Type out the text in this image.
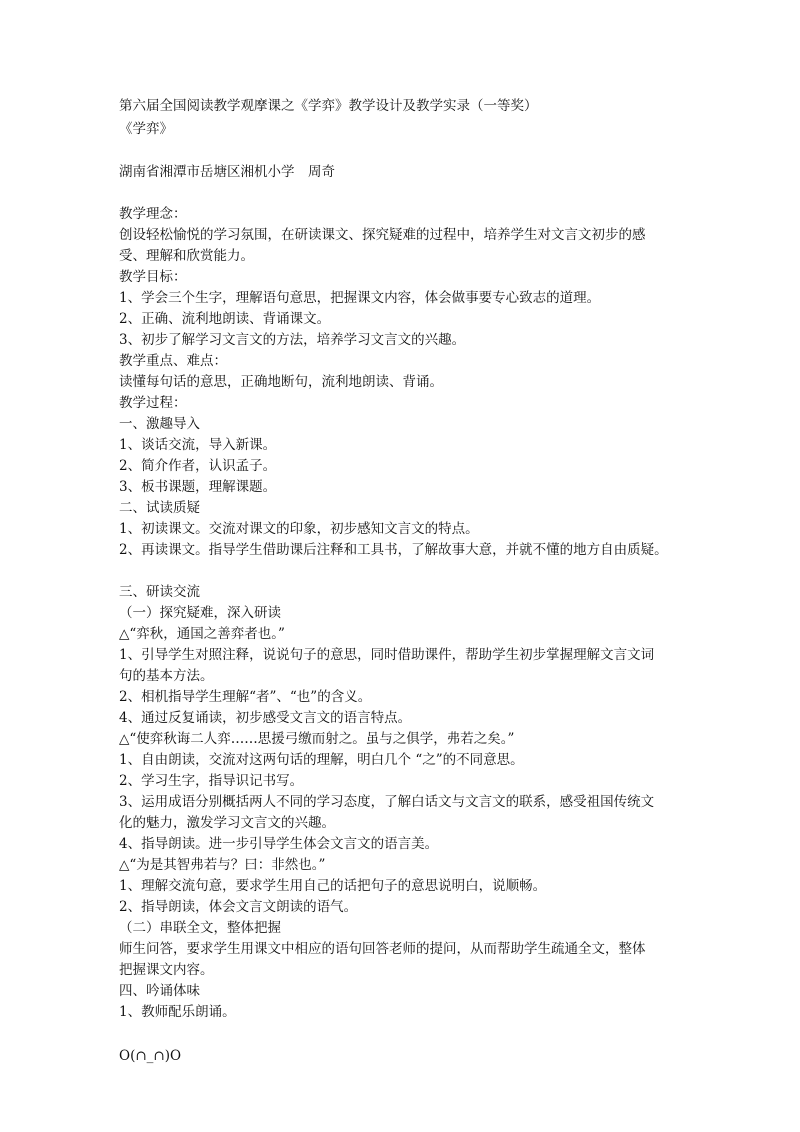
第六届全国阅读教学观摩课之《学弈》教学设计及教学实录（一等奖）

《学弈》

湖南省湘潭市岳塘区湘机小学　周奇

教学理念：

创设轻松愉悦的学习氛围，在研读课文、探究疑难的过程中，培养学生对文言文初步的感

受、理解和欣赏能力。

教学目标：

1、学会三个生字，理解语句意思，把握课文内容，体会做事要专心致志的道理。

2、正确、流利地朗读、背诵课文。

3、初步了解学习文言文的方法，培养学习文言文的兴趣。

教学重点、难点：

读懂每句话的意思，正确地断句，流利地朗读、背诵。

教学过程：

一、激趣导入

1、谈话交流，导入新课。

2、简介作者，认识孟子。

3、板书课题，理解课题。

二、试读质疑

1、初读课文。交流对课文的印象，初步感知文言文的特点。

2、再读课文。指导学生借助课后注释和工具书，了解故事大意，并就不懂的地方自由质疑。

三、研读交流

（一）探究疑难，深入研读

△“弈秋，通国之善弈者也。”

1、引导学生对照注释，说说句子的意思，同时借助课件，帮助学生初步掌握理解文言文词

句的基本方法。

2、相机指导学生理解“者”、“也”的含义。

4、通过反复诵读，初步感受文言文的语言特点。

△“使弈秋诲二人弈……思援弓缴而射之。虽与之俱学，弗若之矣。”

1、自由朗读，交流对这两句话的理解，明白几个 “之”的不同意思。

2、学习生字，指导识记书写。

3、运用成语分别概括两人不同的学习态度，了解白话文与文言文的联系，感受祖国传统文

化的魅力，激发学习文言文的兴趣。

4、指导朗读。进一步引导学生体会文言文的语言美。

△“为是其智弗若与？曰：非然也。”

1、理解交流句意，要求学生用自己的话把句子的意思说明白，说顺畅。

2、指导朗读，体会文言文朗读的语气。

（二）串联全文，整体把握

师生问答，要求学生用课文中相应的语句回答老师的提问，从而帮助学生疏通全文，整体

把握课文内容。

四、吟诵体味

1、教师配乐朗诵。

O(∩_∩)O
